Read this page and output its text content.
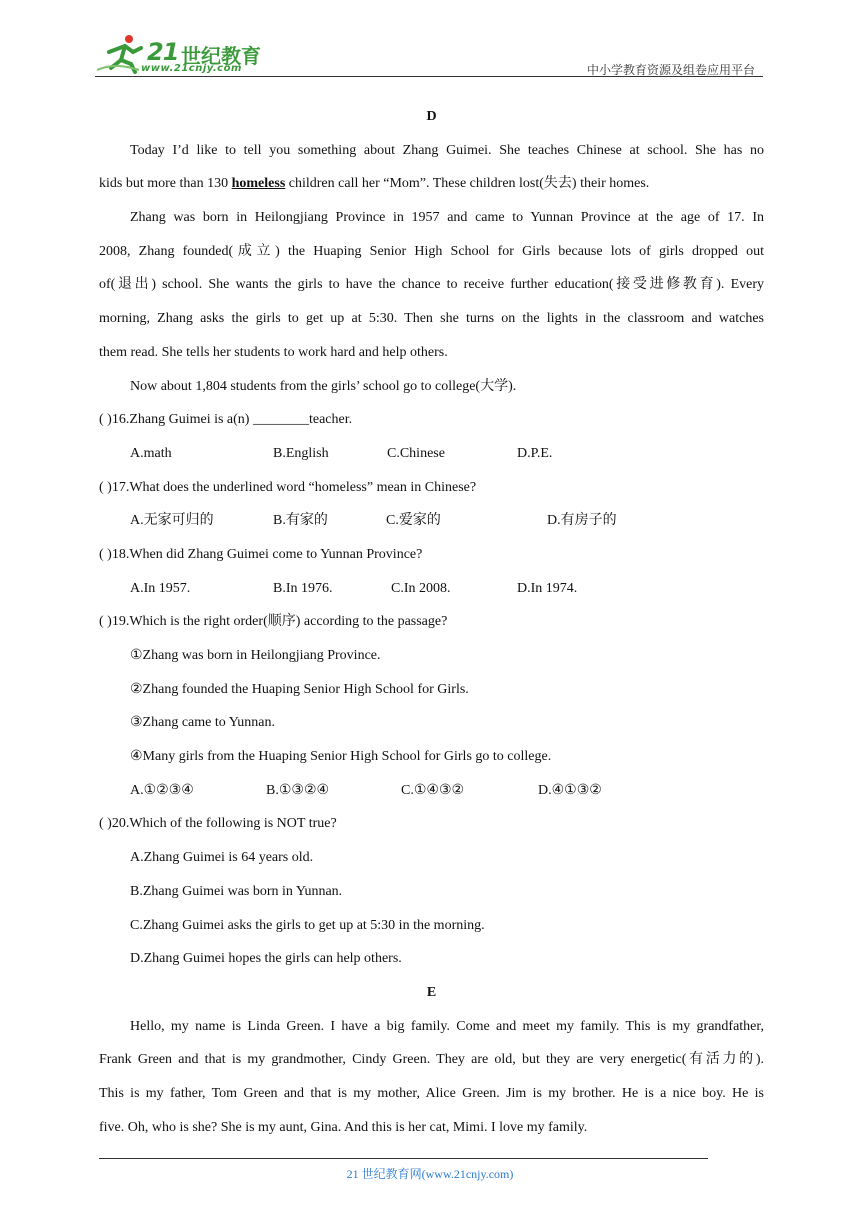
21 世纪教育
www.21cnjy.com	中小学教育资源及组卷应用平台
D
Today I’d like to tell you something about Zhang Guimei. She teaches Chinese at school. She has no
kids but more than 130 homeless children call her “Mom”. These children lost(失去) their homes.
Zhang was born in Heilongjiang Province in 1957 and came to Yunnan Province at the age of 17. In
2008, Zhang founded(成立) the Huaping Senior High School for Girls because lots of girls dropped out
of(退出) school. She wants the girls to have the chance to receive further education(接受进修教育). Every
morning, Zhang asks the girls to get up at 5:30. Then she turns on the lights in the classroom and watches
them read. She tells her students to work hard and help others.
Now about 1,804 students from the girls’ school go to college(大学).
( )16.Zhang Guimei is a(n) ________teacher.
A.math	B.English	C.Chinese	D.P.E.
( )17.What does the underlined word “homeless” mean in Chinese?
A.无家可归的	B.有家的	C.爱家的	D.有房子的
( )18.When did Zhang Guimei come to Yunnan Province?
A.In 1957.	B.In 1976.	C.In 2008.	D.In 1974.
( )19.Which is the right order(顺序) according to the passage?
①Zhang was born in Heilongjiang Province.
②Zhang founded the Huaping Senior High School for Girls.
③Zhang came to Yunnan.
④Many girls from the Huaping Senior High School for Girls go to college.
A.①②③④	B.①③②④	C.①④③②	D.④①③②
( )20.Which of the following is NOT true?
A.Zhang Guimei is 64 years old.
B.Zhang Guimei was born in Yunnan.
C.Zhang Guimei asks the girls to get up at 5:30 in the morning.
D.Zhang Guimei hopes the girls can help others.
E
Hello, my name is Linda Green. I have a big family. Come and meet my family. This is my grandfather,
Frank Green and that is my grandmother, Cindy Green. They are old, but they are very energetic(有活力的).
This is my father, Tom Green and that is my mother, Alice Green. Jim is my brother. He is a nice boy. He is
five. Oh, who is she? She is my aunt, Gina. And this is her cat, Mimi. I love my family.
21 世纪教育网(www.21cnjy.com)
